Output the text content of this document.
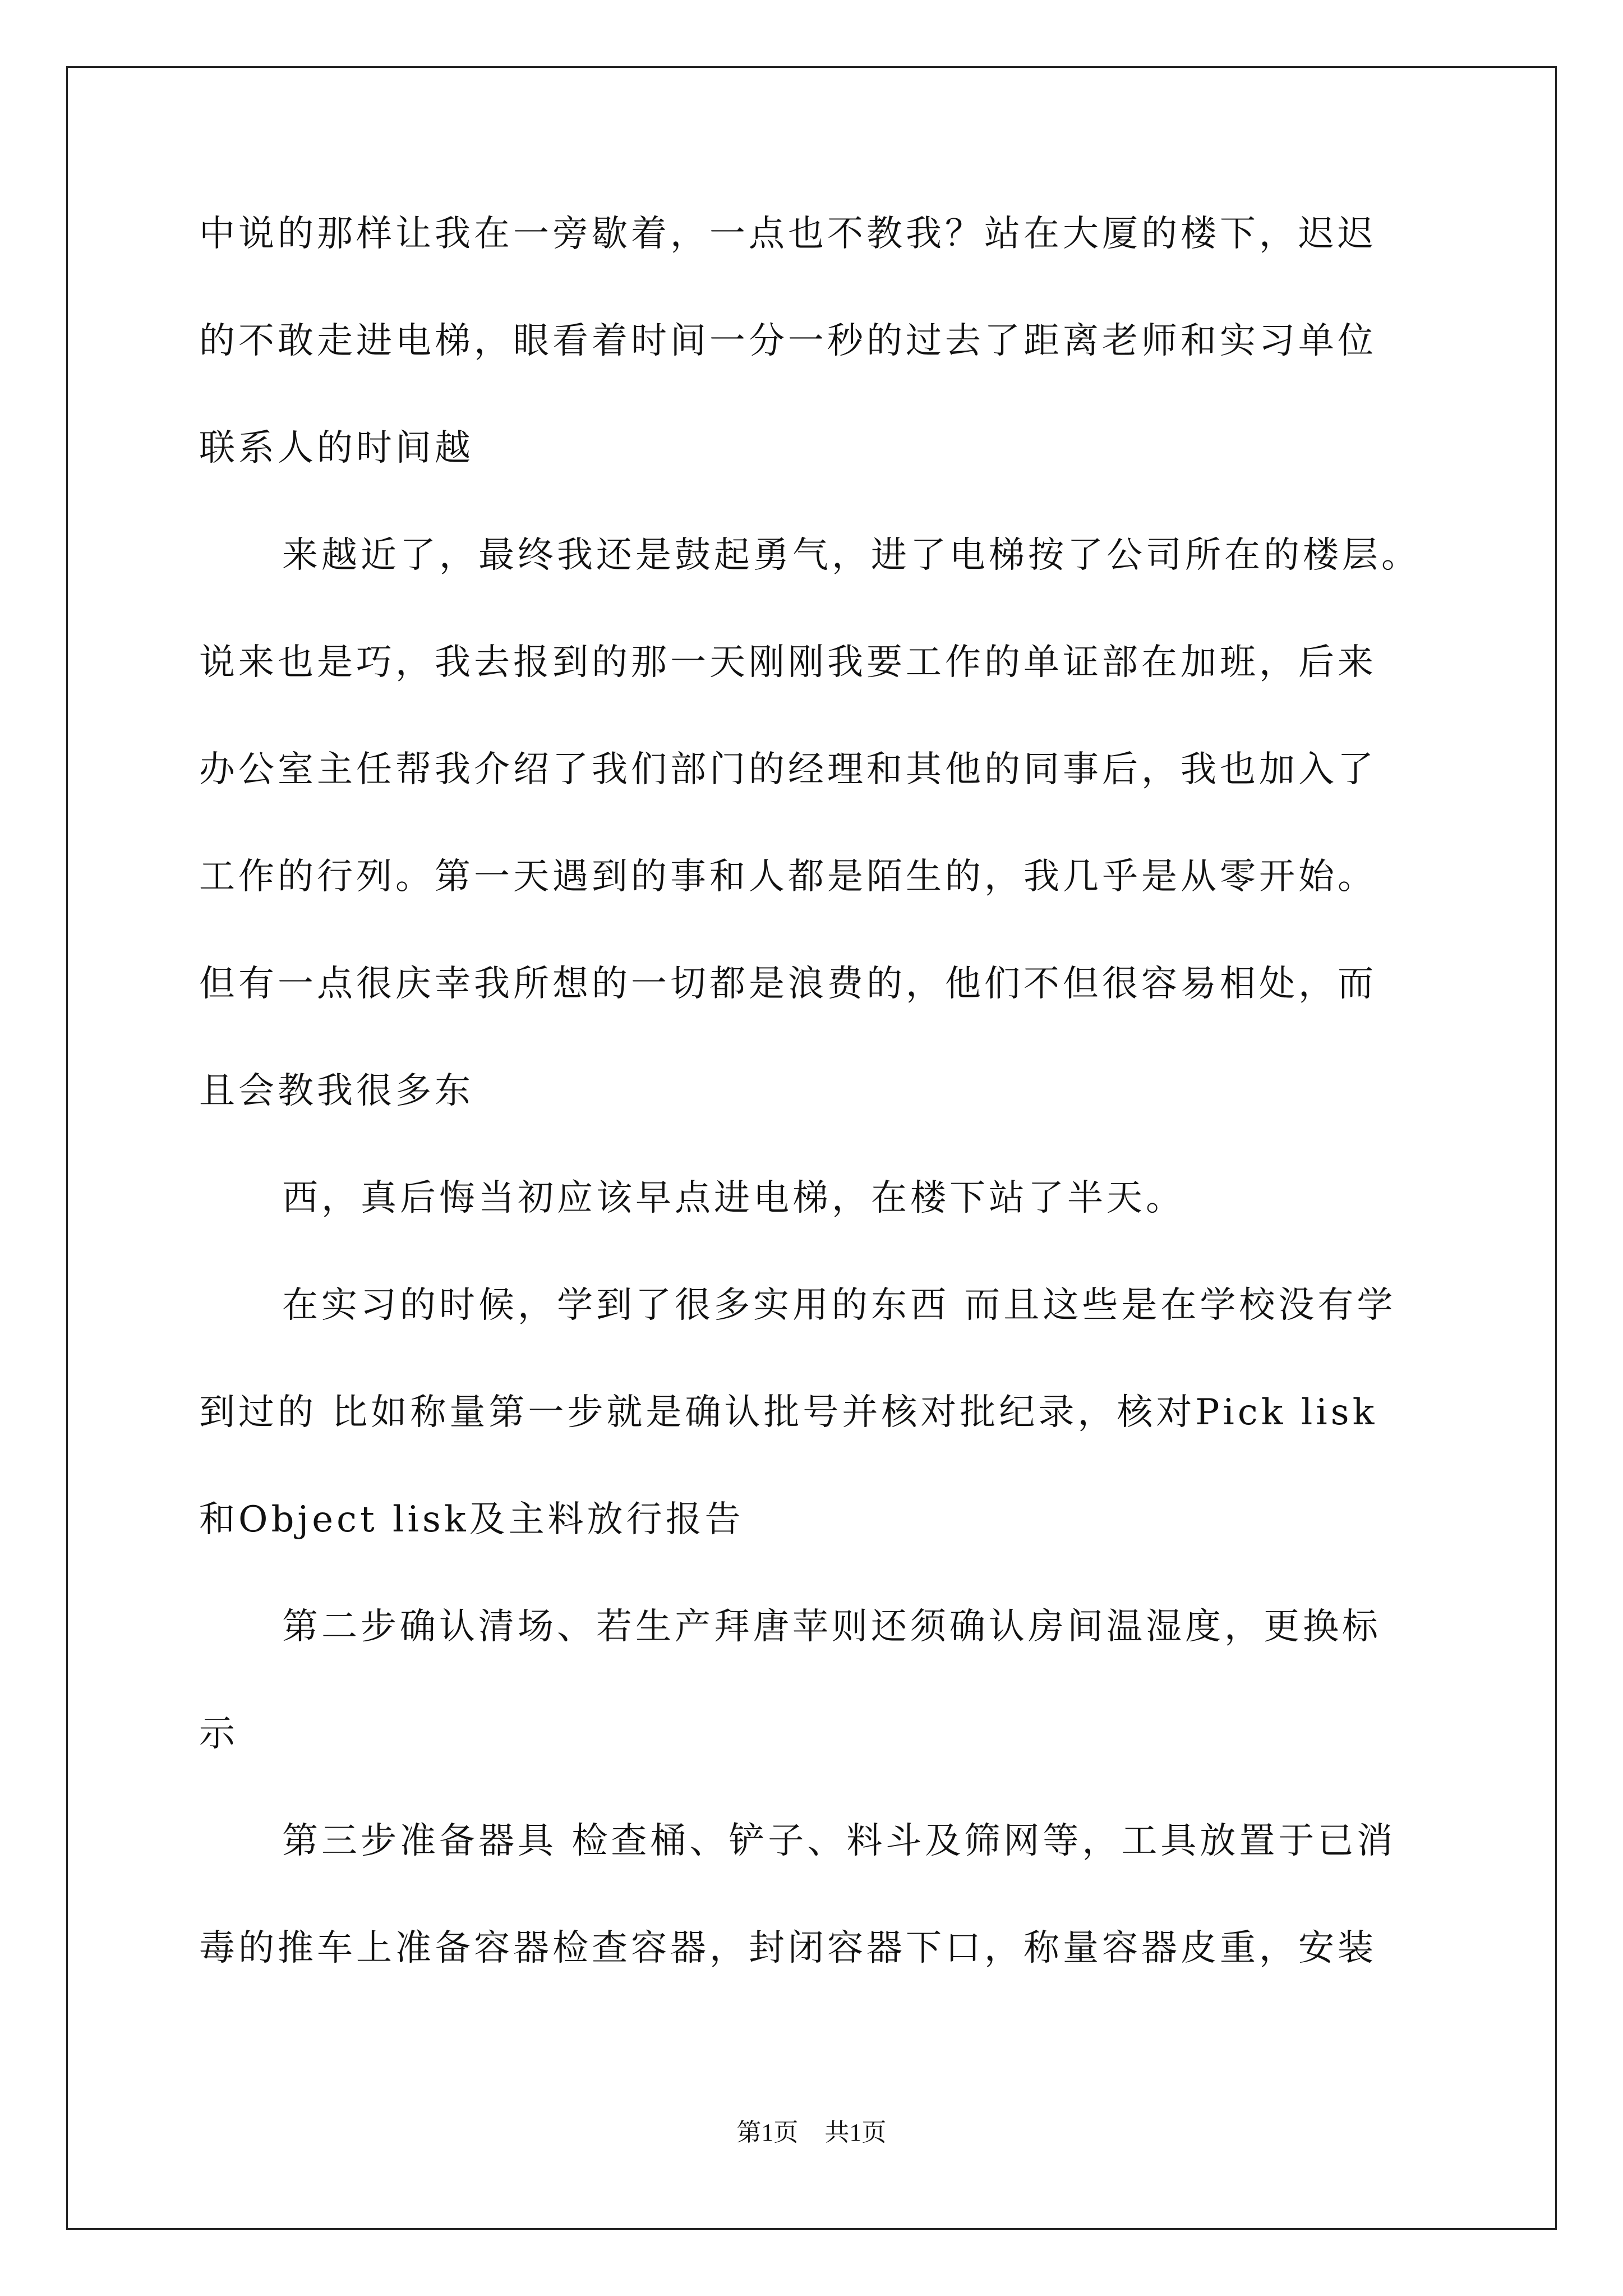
中说的那样让我在一旁歇着，一点也不教我？站在大厦的楼下，迟迟
的不敢走进电梯，眼看着时间一分一秒的过去了距离老师和实习单位
联系人的时间越
来越近了，最终我还是鼓起勇气，进了电梯按了公司所在的楼层。
说来也是巧，我去报到的那一天刚刚我要工作的单证部在加班，后来
办公室主任帮我介绍了我们部门的经理和其他的同事后，我也加入了
工作的行列。第一天遇到的事和人都是陌生的，我几乎是从零开始。
但有一点很庆幸我所想的一切都是浪费的，他们不但很容易相处，而
且会教我很多东
西，真后悔当初应该早点进电梯，在楼下站了半天。
在实习的时候，学到了很多实用的东西 而且这些是在学校没有学
到过的 比如称量第一步就是确认批号并核对批纪录，核对Pick lisk
和Object lisk及主料放行报告
第二步确认清场、若生产拜唐苹则还须确认房间温湿度，更换标
示
第三步准备器具 检查桶、铲子、料斗及筛网等，工具放置于已消
毒的推车上准备容器检查容器，封闭容器下口，称量容器皮重，安装
第1页 共1页
